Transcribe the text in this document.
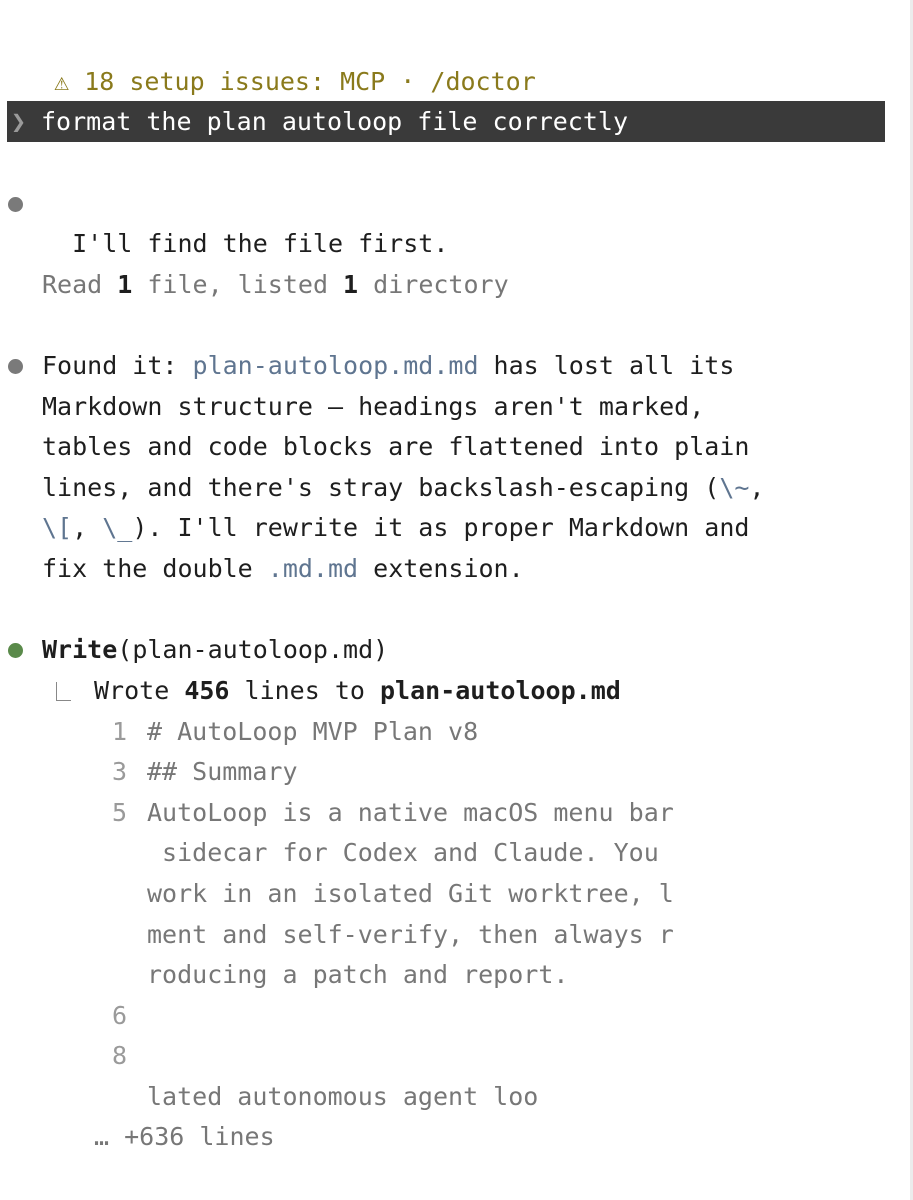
⚠ 18 setup issues: MCP · /doctor

❯ format the plan autoloop file correctly

I'll find the file first.

Read 1 file, listed 1 directory
Found it: plan-autoloop.md.md has lost all its
Markdown structure — headings aren't marked,
tables and code blocks are flattened into plain
lines, and there's stray backslash-escaping (\~,
\[, \_). I'll rewrite it as proper Markdown and
fix the double .md.md extension.
Write(plan-autoloop.md)
Wrote 456 lines to plan-autoloop.md
1 # AutoLoop MVP Plan v8
3 ## Summary
5 AutoLoop is a native macOS menu bar
sidecar for Codex and Claude. You
work in an isolated Git worktree, l
ment and self-verify, then always r
roducing a patch and report.
6
8
lated autonomous agent loo
… +636 lines
